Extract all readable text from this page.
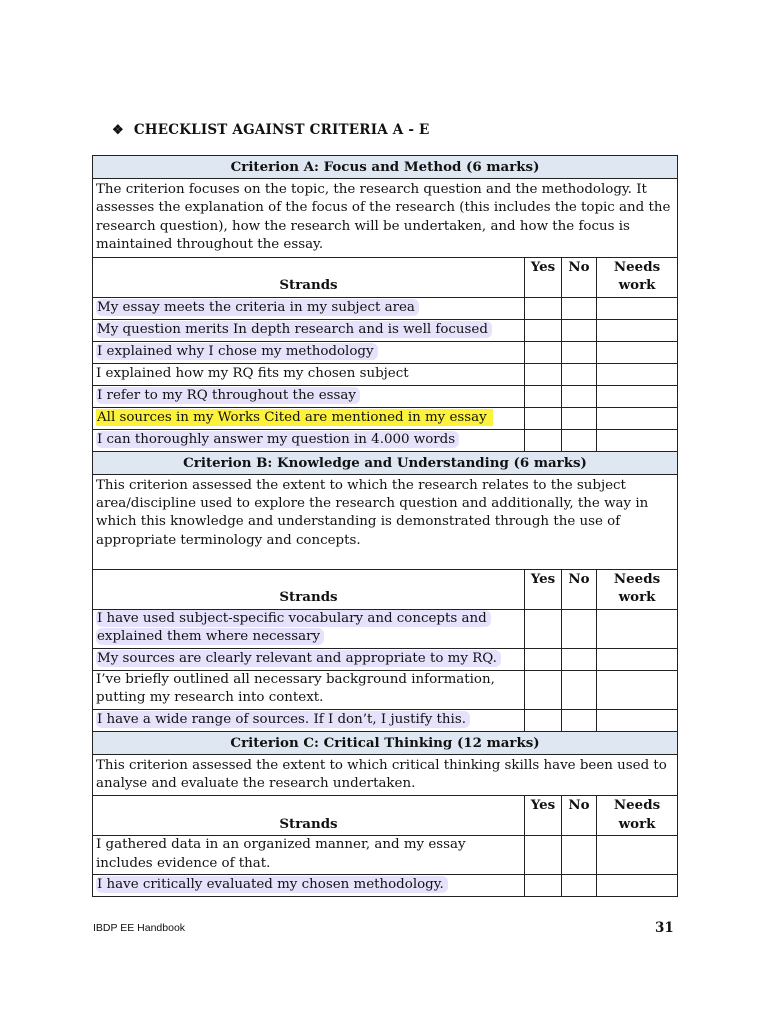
❖ CHECKLIST AGAINST CRITERIA A - E
Criterion A: Focus and Method (6 marks)			
The criterion focuses on the topic, the research question and the methodology. It assesses the explanation of the focus of the research (this includes the topic and the research question), how the research will be undertaken, and how the focus is maintained throughout the essay.			
Strands	Yes	No	Needs work
My essay meets the criteria in my subject area			
My question merits In depth research and is well focused			
I explained why I chose my methodology			
I explained how my RQ fits my chosen subject			
I refer to my RQ throughout the essay			
All sources in my Works Cited are mentioned in my essay			
I can thoroughly answer my question in 4.000 words			
Criterion B: Knowledge and Understanding (6 marks)			
This criterion assessed the extent to which the research relates to the subject area/discipline used to explore the research question and additionally, the way in which this knowledge and understanding is demonstrated through the use of appropriate terminology and concepts.			
Strands	Yes	No	Needs work
I have used subject-specific vocabulary and concepts and explained them where necessary			
My sources are clearly relevant and appropriate to my RQ.			
I’ve briefly outlined all necessary background information, putting my research into context.			
I have a wide range of sources. If I don’t, I justify this.			
Criterion C: Critical Thinking (12 marks)			
This criterion assessed the extent to which critical thinking skills have been used to analyse and evaluate the research undertaken.			
Strands	Yes	No	Needs work
I gathered data in an organized manner, and my essay includes evidence of that.			
I have critically evaluated my chosen methodology.			
IBDP EE Handbook	31
